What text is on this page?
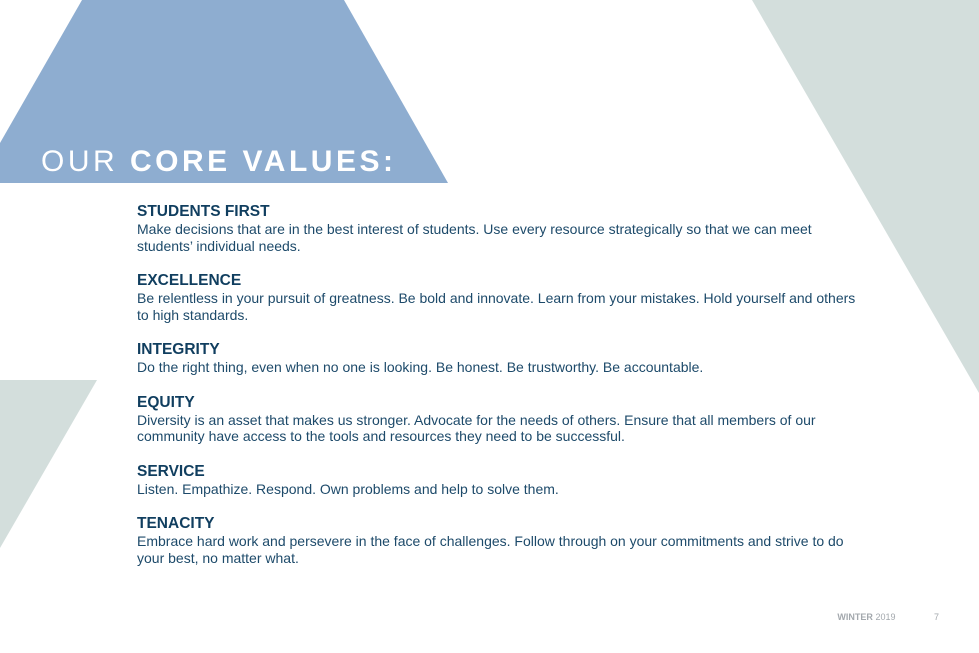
OUR CORE VALUES:
STUDENTS FIRST

Make decisions that are in the best interest of students. Use every resource strategically so that we can meet students’ individual needs.

EXCELLENCE

Be relentless in your pursuit of greatness. Be bold and innovate. Learn from your mistakes. Hold yourself and others to high standards.

INTEGRITY

Do the right thing, even when no one is looking. Be honest. Be trustworthy. Be accountable.

EQUITY

Diversity is an asset that makes us stronger. Advocate for the needs of others. Ensure that all members of our community have access to the tools and resources they need to be successful.

SERVICE

Listen. Empathize. Respond. Own problems and help to solve them.

TENACITY

Embrace hard work and persevere in the face of challenges. Follow through on your commitments and strive to do your best, no matter what.

WINTER 2019	7
